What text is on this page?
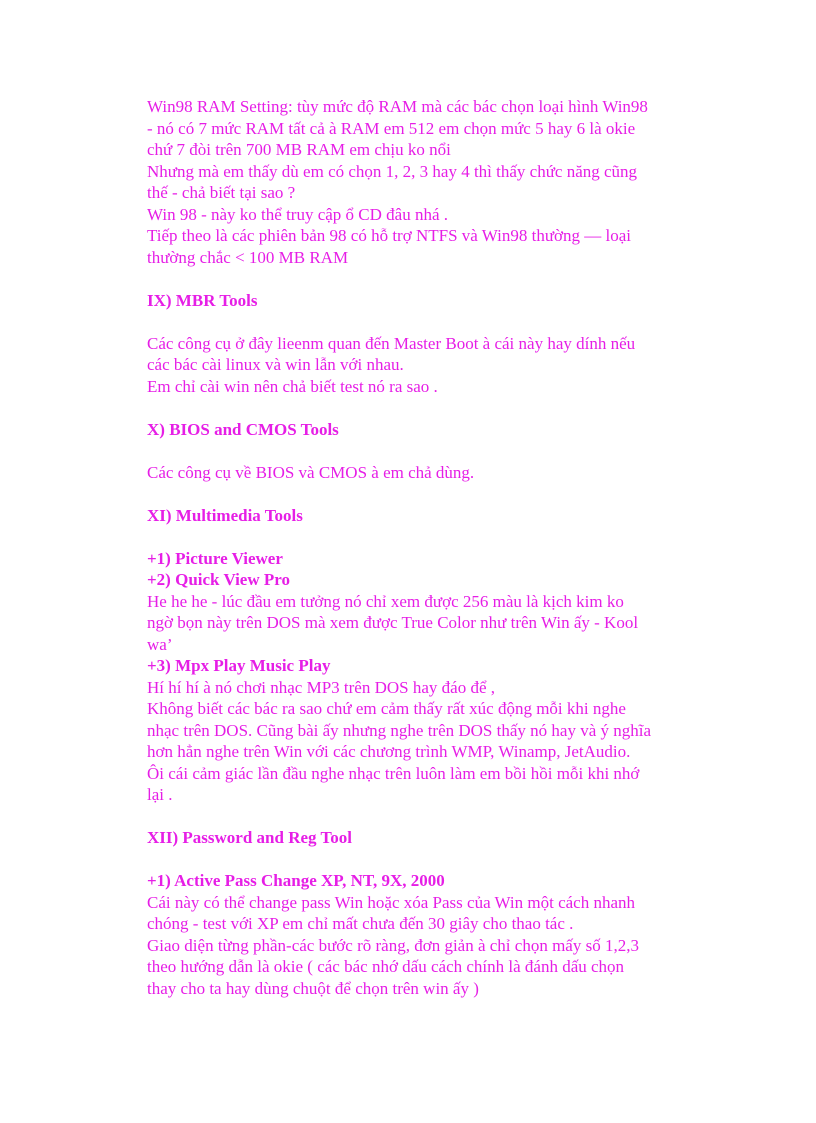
Win98 RAM Setting: tùy mức độ RAM mà các bác chọn loại hình Win98
- nó có 7 mức RAM tất cả à RAM em 512 em chọn mức 5 hay 6 là okie
chứ 7 đòi trên 700 MB RAM em chịu ko nổi
Nhưng mà em thấy dù em có chọn 1, 2, 3 hay 4 thì thấy chức năng cũng
thế - chả biết tại sao ?
Win 98 - này ko thể truy cập ổ CD đâu nhá .
Tiếp theo là các phiên bản 98 có hỗ trợ NTFS và Win98 thường — loại
thường chắc < 100 MB RAM
IX) MBR Tools
Các công cụ ở đây lieenm quan đến Master Boot à cái này hay dính nếu
các bác cài linux và win lẫn với nhau.
Em chỉ cài win nên chả biết test nó ra sao .
X) BIOS and CMOS Tools
Các công cụ về BIOS và CMOS à em chả dùng.
XI) Multimedia Tools
+1) Picture Viewer
+2) Quick View Pro
He he he - lúc đầu em tưởng nó chỉ xem được 256 màu là kịch kim ko
ngờ bọn này trên DOS mà xem được True Color như trên Win ấy - Kool
wa’
+3) Mpx Play Music Play
Hí hí hí à nó chơi nhạc MP3 trên DOS hay đáo để ,
Không biết các bác ra sao chứ em cảm thấy rất xúc động mỗi khi nghe
nhạc trên DOS. Cũng bài ấy nhưng nghe trên DOS thấy nó hay và ý nghĩa
hơn hẳn nghe trên Win với các chương trình WMP, Winamp, JetAudio.
Ôi cái cảm giác lần đầu nghe nhạc trên luôn làm em bồi hồi mỗi khi nhớ
lại .
XII) Password and Reg Tool
+1) Active Pass Change XP, NT, 9X, 2000
Cái này có thể change pass Win hoặc xóa Pass của Win một cách nhanh
chóng - test với XP em chỉ mất chưa đến 30 giây cho thao tác .
Giao diện từng phần-các bước rõ ràng, đơn giản à chỉ chọn mấy số 1,2,3
theo hướng dẫn là okie ( các bác nhớ dấu cách chính là đánh dấu chọn
thay cho ta hay dùng chuột để chọn trên win ấy )
